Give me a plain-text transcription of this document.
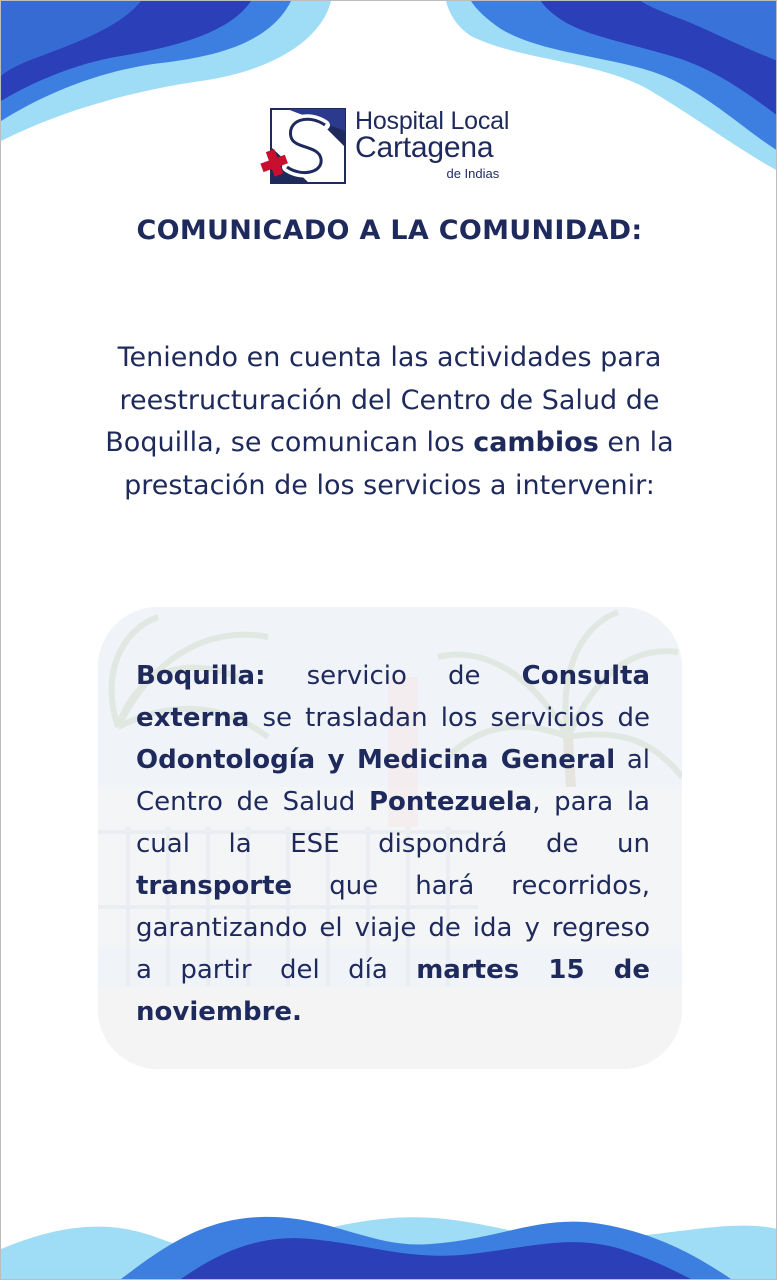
Hospital Local
Cartagena
de Indias
COMUNICADO A LA COMUNIDAD:
Teniendo en cuenta las actividades para reestructuración del Centro de Salud de Boquilla, se comunican los cambios en la prestación de los servicios a intervenir:
Boquilla: servicio de Consulta externa se trasladan los servicios de Odontología y Medicina General al Centro de Salud Pontezuela, para la cual la ESE dispondrá de un transporte que hará recorridos, garantizando el viaje de ida y regreso a partir del día martes 15 de noviembre.
